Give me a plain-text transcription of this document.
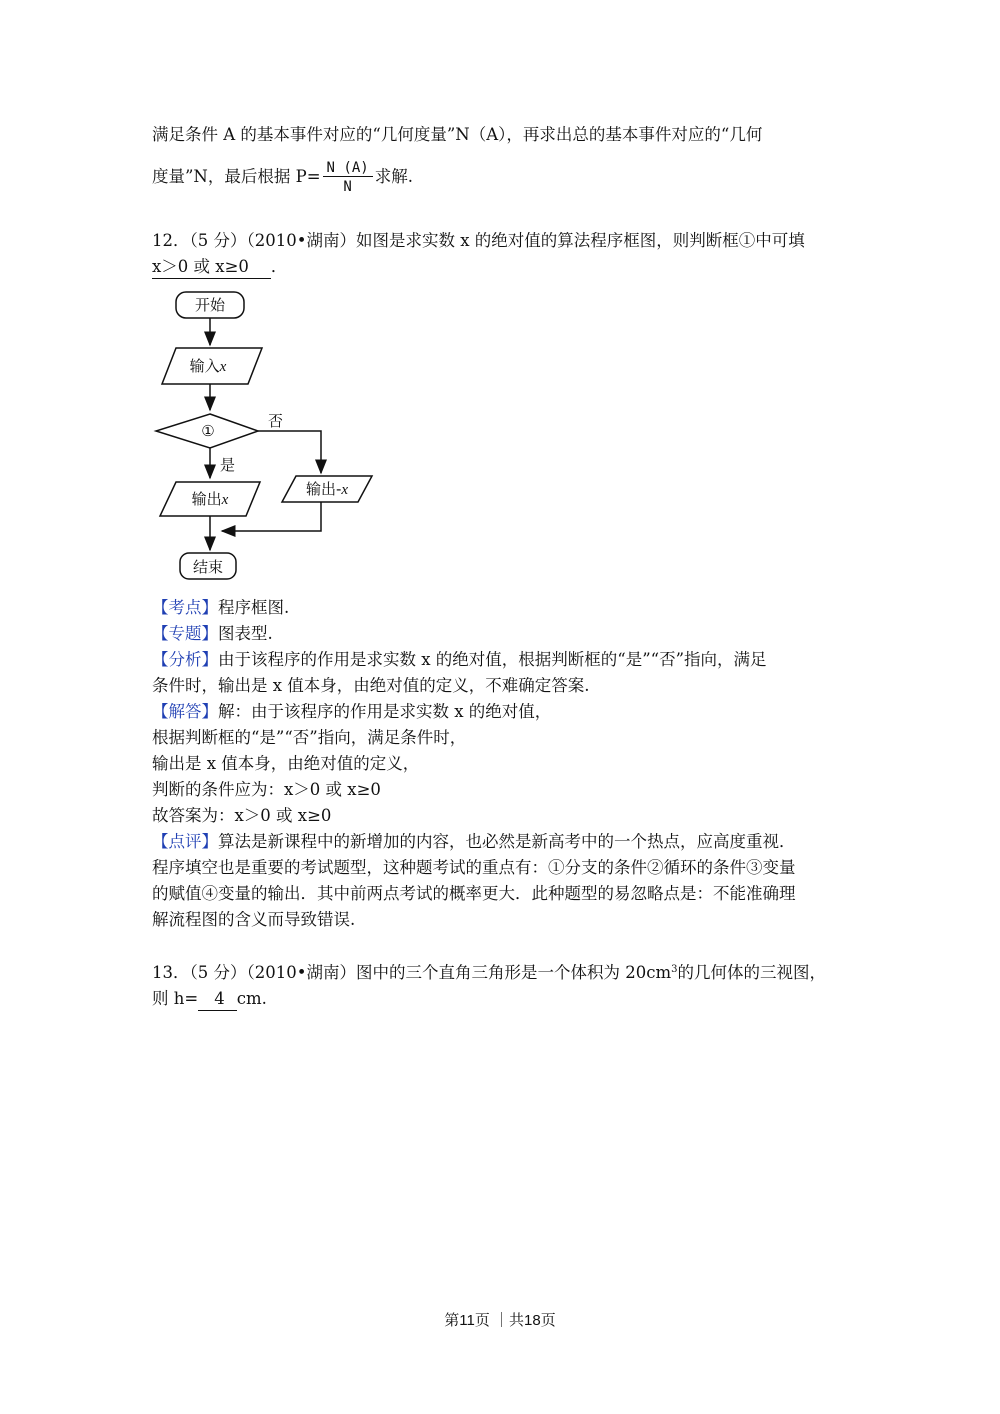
满足条件 A 的基本事件对应的“几何度量”N（A），再求出总的基本事件对应的“几何
度量”N，最后根据 $P= \frac{N (A)}{N}$ 求解.
12．（5 分）（2010•湖南）如图是求实数 x 的绝对值的算法程序框图，则判断框①中可填
x＞0 或 x≥0 ．
开始
输入x
①
否
是
输出x
输出-x
结束
【考点】程序框图.
【专题】图表型.
【分析】由于该程序的作用是求实数 x 的绝对值，根据判断框的“是”“否”指向，满足
条件时，输出是 x 值本身，由绝对值的定义，不难确定答案.
【解答】解：由于该程序的作用是求实数 x 的绝对值，
根据判断框的“是”“否”指向，满足条件时，
输出是 x 值本身，由绝对值的定义，
判断的条件应为：x＞0 或 x≥0
故答案为：x＞0 或 x≥0
【点评】算法是新课程中的新增加的内容，也必然是新高考中的一个热点，应高度重视．
程序填空也是重要的考试题型，这种题考试的重点有：①分支的条件②循环的条件③变量
的赋值④变量的输出．其中前两点考试的概率更大．此种题型的易忽略点是：不能准确理
解流程图的含义而导致错误.
13．（5 分）（2010•湖南）图中的三个直角三角形是一个体积为 $20cm^3$的几何体的三视图，
则 h= 4 cm.
第11页 ｜共18页
